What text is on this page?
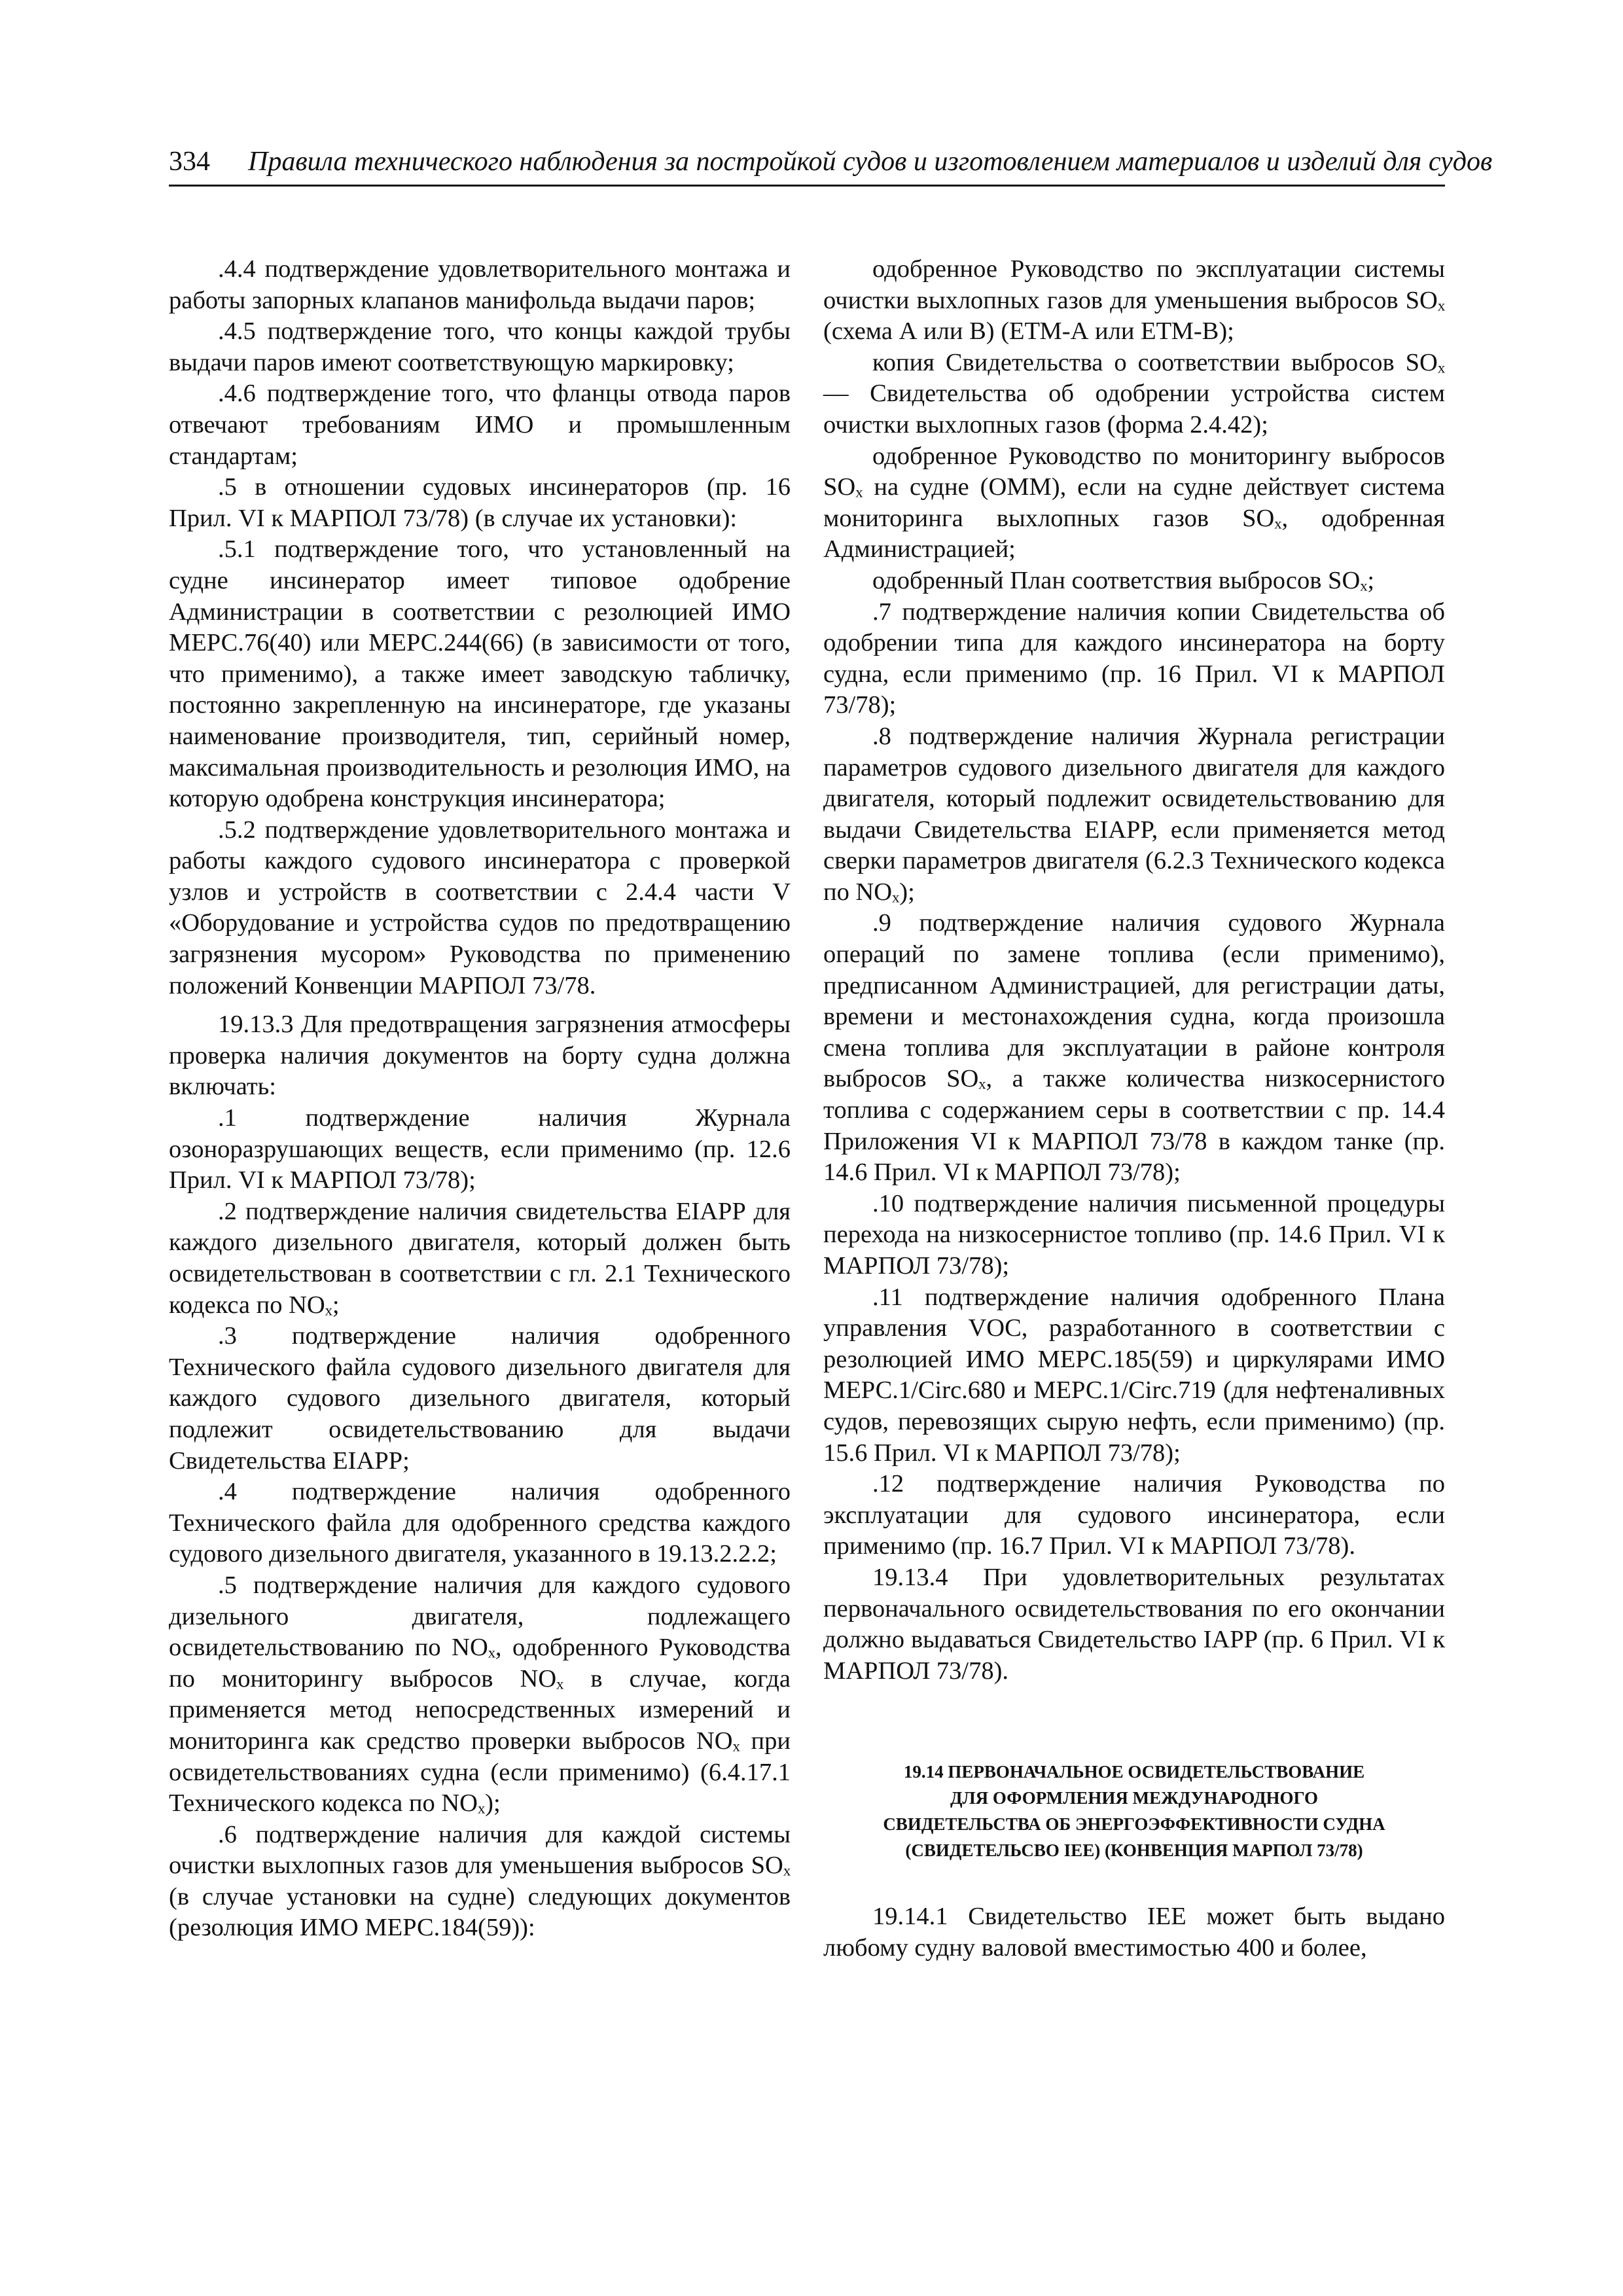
334 Правила технического наблюдения за постройкой судов и изготовлением материалов и изделий для судов

.4.4 подтверждение удовлетворительного монтажа и работы запорных клапанов манифольда выдачи паров;

.4.5 подтверждение того, что концы каждой трубы выдачи паров имеют соответствующую маркировку;

.4.6 подтверждение того, что фланцы отвода паров отвечают требованиям ИМО и промышленным стандартам;

.5 в отношении судовых инсинераторов (пр. 16 Прил. VI к МАРПОЛ 73/78) (в случае их установки):

.5.1 подтверждение того, что установленный на судне инсинератор имеет типовое одобрение Администрации в соответствии с резолюцией ИМО МЕРС.76(40) или МЕРС.244(66) (в зависимости от того, что применимо), а также имеет заводскую табличку, постоянно закрепленную на инсинераторе, где указаны наименование производителя, тип, серийный номер, максимальная производительность и резолюция ИМО, на которую одобрена конструкция инсинератора;

.5.2 подтверждение удовлетворительного монтажа и работы каждого судового инсинератора с проверкой узлов и устройств в соответствии с 2.4.4 части V «Оборудование и устройства судов по предотвращению загрязнения мусором» Руководства по применению положений Конвенции МАРПОЛ 73/78.

19.13.3 Для предотвращения загрязнения атмосферы проверка наличия документов на борту судна должна включать:

.1 подтверждение наличия Журнала озоноразрушающих веществ, если применимо (пр. 12.6 Прил. VI к МАРПОЛ 73/78);

.2 подтверждение наличия свидетельства EIAPP для каждого дизельного двигателя, который должен быть освидетельствован в соответствии с гл. 2.1 Технического кодекса по NOₓ;

.3 подтверждение наличия одобренного Технического файла судового дизельного двигателя для каждого судового дизельного двигателя, который подлежит освидетельствованию для выдачи Свидетельства EIAPP;

.4 подтверждение наличия одобренного Технического файла для одобренного средства каждого судового дизельного двигателя, указанного в 19.13.2.2.2;

.5 подтверждение наличия для каждого судового дизельного двигателя, подлежащего освидетельствованию по NOₓ, одобренного Руководства по мониторингу выбросов NOₓ в случае, когда применяется метод непосредственных измерений и мониторинга как средство проверки выбросов NOₓ при освидетельствованиях судна (если применимо) (6.4.17.1 Технического кодекса по NOₓ);

.6 подтверждение наличия для каждой системы очистки выхлопных газов для уменьшения выбросов SOₓ (в случае установки на судне) следующих документов (резолюция ИМО МЕРС.184(59)):

одобренное Руководство по эксплуатации системы очистки выхлопных газов для уменьшения выбросов SOₓ (схема А или В) (ЕТМ-А или ЕТМ-В);

копия Свидетельства о соответствии выбросов SOₓ — Свидетельства об одобрении устройства систем очистки выхлопных газов (форма 2.4.42);

одобренное Руководство по мониторингу выбросов SOₓ на судне (ОММ), если на судне действует система мониторинга выхлопных газов SOₓ, одобренная Администрацией;

одобренный План соответствия выбросов SOₓ;

.7 подтверждение наличия копии Свидетельства об одобрении типа для каждого инсинератора на борту судна, если применимо (пр. 16 Прил. VI к МАРПОЛ 73/78);

.8 подтверждение наличия Журнала регистрации параметров судового дизельного двигателя для каждого двигателя, который подлежит освидетельствованию для выдачи Свидетельства EIAPP, если применяется метод сверки параметров двигателя (6.2.3 Технического кодекса по NOₓ);

.9 подтверждение наличия судового Журнала операций по замене топлива (если применимо), предписанном Администрацией, для регистрации даты, времени и местонахождения судна, когда произошла смена топлива для эксплуатации в районе контроля выбросов SOₓ, а также количества низкосернистого топлива с содержанием серы в соответствии с пр. 14.4 Приложения VI к МАРПОЛ 73/78 в каждом танке (пр. 14.6 Прил. VI к МАРПОЛ 73/78);

.10 подтверждение наличия письменной процедуры перехода на низкосернистое топливо (пр. 14.6 Прил. VI к МАРПОЛ 73/78);

.11 подтверждение наличия одобренного Плана управления VOC, разработанного в соответствии с резолюцией ИМО МЕРС.185(59) и циркулярами ИМО МЕРС.1/Circ.680 и МЕРС.1/Circ.719 (для нефтеналивных судов, перевозящих сырую нефть, если применимо) (пр. 15.6 Прил. VI к МАРПОЛ 73/78);

.12 подтверждение наличия Руководства по эксплуатации для судового инсинератора, если применимо (пр. 16.7 Прил. VI к МАРПОЛ 73/78).

19.13.4 При удовлетворительных результатах первоначального освидетельствования по его окончании должно выдаваться Свидетельство IAPP (пр. 6 Прил. VI к МАРПОЛ 73/78).

19.14 ПЕРВОНАЧАЛЬНОЕ ОСВИДЕТЕЛЬСТВОВАНИЕ
ДЛЯ ОФОРМЛЕНИЯ МЕЖДУНАРОДНОГО
СВИДЕТЕЛЬСТВА ОБ ЭНЕРГОЭФФЕКТИВНОСТИ СУДНА
(СВИДЕТЕЛЬСВО IEE) (КОНВЕНЦИЯ МАРПОЛ 73/78)

19.14.1 Свидетельство IEE может быть выдано любому судну валовой вместимостью 400 и более,
